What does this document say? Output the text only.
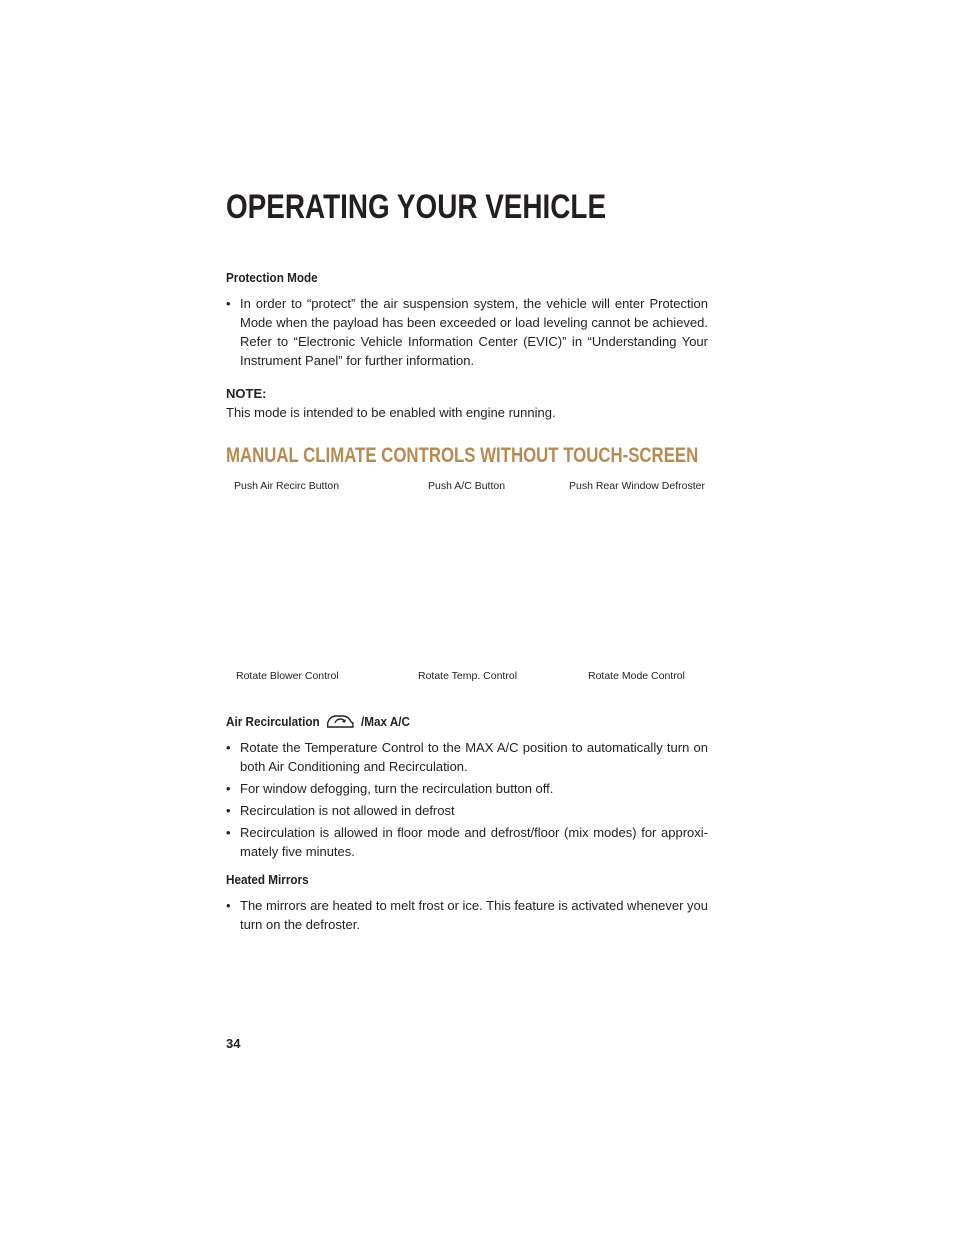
OPERATING YOUR VEHICLE
Protection Mode
• In order to “protect” the air suspension system, the vehicle will enter Protection Mode when the payload has been exceeded or load leveling cannot be achieved. Refer to “Electronic Vehicle Information Center (EVIC)” in “Understanding Your Instrument Panel” for further information.
NOTE:
This mode is intended to be enabled with engine running.
MANUAL CLIMATE CONTROLS WITHOUT TOUCH-SCREEN
Push Air Recirc Button	Push A/C Button	Push Rear Window Defroster
Rotate Blower Control	Rotate Temp. Control	Rotate Mode Control
Air Recirculation	/Max A/C
• Rotate the Temperature Control to the MAX A/C position to automatically turn on both Air Conditioning and Recirculation.
• For window defogging, turn the recirculation button off.
• Recirculation is not allowed in defrost
• Recirculation is allowed in floor mode and defrost/floor (mix modes) for approxi-mately five minutes.
Heated Mirrors
• The mirrors are heated to melt frost or ice. This feature is activated whenever you turn on the defroster.
34
